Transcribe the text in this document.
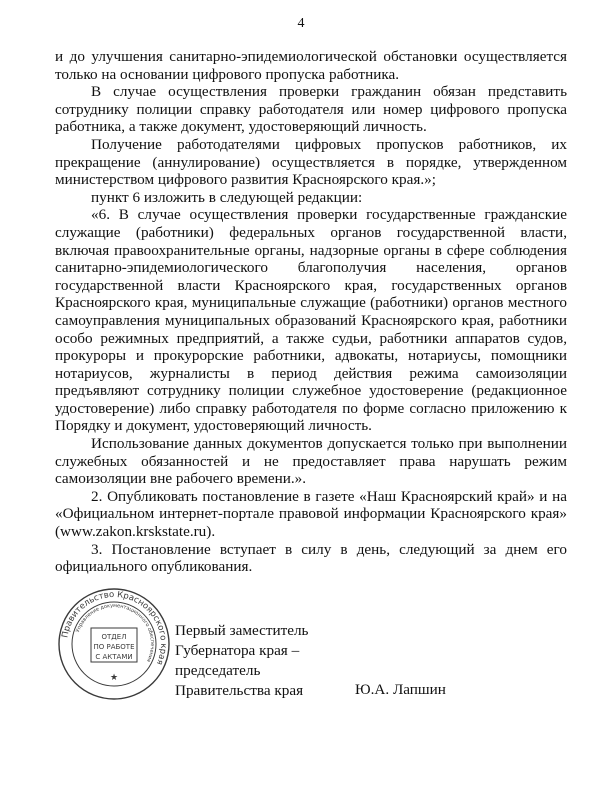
4

и до улучшения санитарно-эпидемиологической обстановки осуществляется только на основании цифрового пропуска работника.

В случае осуществления проверки гражданин обязан представить сотруднику полиции справку работодателя или номер цифрового пропуска работника, а также документ, удостоверяющий личность.

Получение работодателями цифровых пропусков работников, их прекращение (аннулирование) осуществляется в порядке, утвержденном министерством цифрового развития Красноярского края.»;

пункт 6 изложить в следующей редакции:

«6. В случае осуществления проверки государственные гражданские служащие (работники) федеральных органов государственной власти, включая правоохранительные органы, надзорные органы в сфере соблюдения санитарно-эпидемиологического благополучия населения, органов государственной власти Красноярского края, государственных органов Красноярского края, муниципальные служащие (работники) органов местного самоуправления муниципальных образований Красноярского края, работники особо режимных предприятий, а также судьи, работники аппаратов судов, прокуроры и прокурорские работники, адвокаты, нотариусы, помощники нотариусов, журналисты в период действия режима самоизоляции предъявляют сотруднику полиции служебное удостоверение (редакционное удостоверение) либо справку работодателя по форме согласно приложению к Порядку и документ, удостоверяющий личность.

Использование данных документов допускается только при выполнении служебных обязанностей и не предоставляет права нарушать режим самоизоляции вне рабочего времени.».

2. Опубликовать постановление в газете «Наш Красноярский край» и на «Официальном интернет-портале правовой информации Красноярского края» (www.zakon.krskstate.ru).

3. Постановление вступает в силу в день, следующий за днем его официального опубликования.

Правительство Красноярского края
Управление документационного обеспечения
ОТДЕЛ
ПО РАБОТЕ
С АКТАМИ
★
Первый заместитель
Губернатора края –
председатель
Правительства края	Ю.А. Лапшин
